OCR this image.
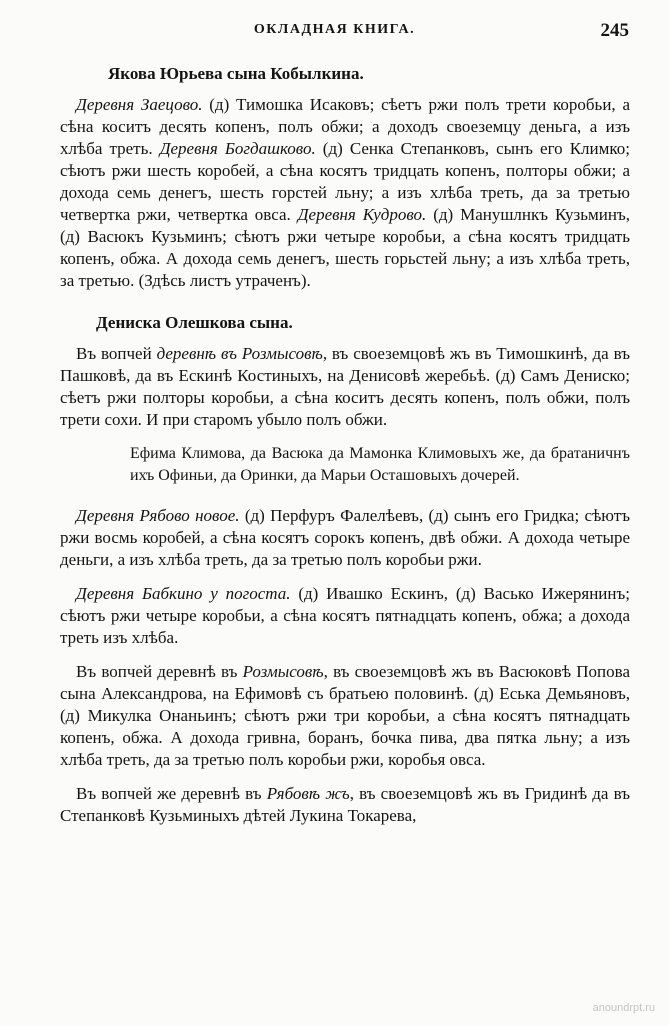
ОКЛАДНАЯ КНИГА.	245
Якова Юрьева сына Кобылкина.

Деревня Заецово. (д) Тимошка Исаковъ; сѣетъ ржи полъ трети коробьи, а сѣна коситъ десять копенъ, полъ обжи; а доходъ своеземцу деньга, а изъ хлѣба треть. Деревня Богдашково. (д) Сенка Степанковъ, сынъ его Климко; сѣютъ ржи шесть коробей, а сѣна косятъ тридцать копенъ, полторы обжи; а дохода семь денегъ, шесть горстей льну; а изъ хлѣба треть, да за третью четвертка ржи, четвертка овса. Деревня Кудрово. (д) Манушлнкъ Кузьминъ, (д) Васюкъ Кузьминъ; сѣютъ ржи четыре коробьи, а сѣна косятъ тридцать копенъ, обжа. А дохода семь денегъ, шесть горьстей льну; а изъ хлѣба треть, за третью. (Здѣсь листъ утраченъ).

Денискa Олешкова сына.

Въ вопчей деревнѣ въ Розмысовѣ, въ своеземцовѣ жъ въ Тимошкинѣ, да въ Пашковѣ, да въ Ескинѣ Костиныхъ, на Денисовѣ жеребьѣ. (д) Самъ Дениско; сѣетъ ржи полторы коробьи, а сѣна коситъ десять копенъ, полъ обжи, полъ трети сохи. И при старомъ убыло полъ обжи.

Ефима Климова, да Васюка да Мамонка Климовыхъ же, да братаничнъ ихъ Офиньи, да Оринки, да Марьи Осташовыхъ дочерей.

Деревня Рябово новое. (д) Перфуръ Фалелѣевъ, (д) сынъ его Гридка; сѣютъ ржи восмь коробей, а сѣна косятъ сорокъ копенъ, двѣ обжи. А дохода четыре деньги, а изъ хлѣба треть, да за третью полъ коробьи ржи.

Деревня Бабкино у погоста. (д) Ивашко Ескинъ, (д) Васько Ижерянинъ; сѣютъ ржи четыре коробьи, а сѣна косятъ пятнадцать копенъ, обжа; а дохода треть изъ хлѣба.

Въ вопчей деревнѣ въ Розмысовѣ, въ своеземцовѣ жъ въ Васюковѣ Попова сына Александрова, на Ефимовѣ съ братьею половинѣ. (д) Еська Демьяновъ, (д) Микулка Онаньинъ; сѣютъ ржи три коробьи, а сѣна косятъ пятнадцать копенъ, обжа. А дохода гривна, боранъ, бочка пива, два пятка льну; а изъ хлѣба треть, да за третью полъ коробьи ржи, коробья овса.

Въ вопчей же деревнѣ въ Рябовѣ жъ, въ своеземцовѣ жъ въ Гридинѣ да въ Степанковѣ Кузьминыхъ дѣтей Лукина Токарева,

anoundrpt.ru
